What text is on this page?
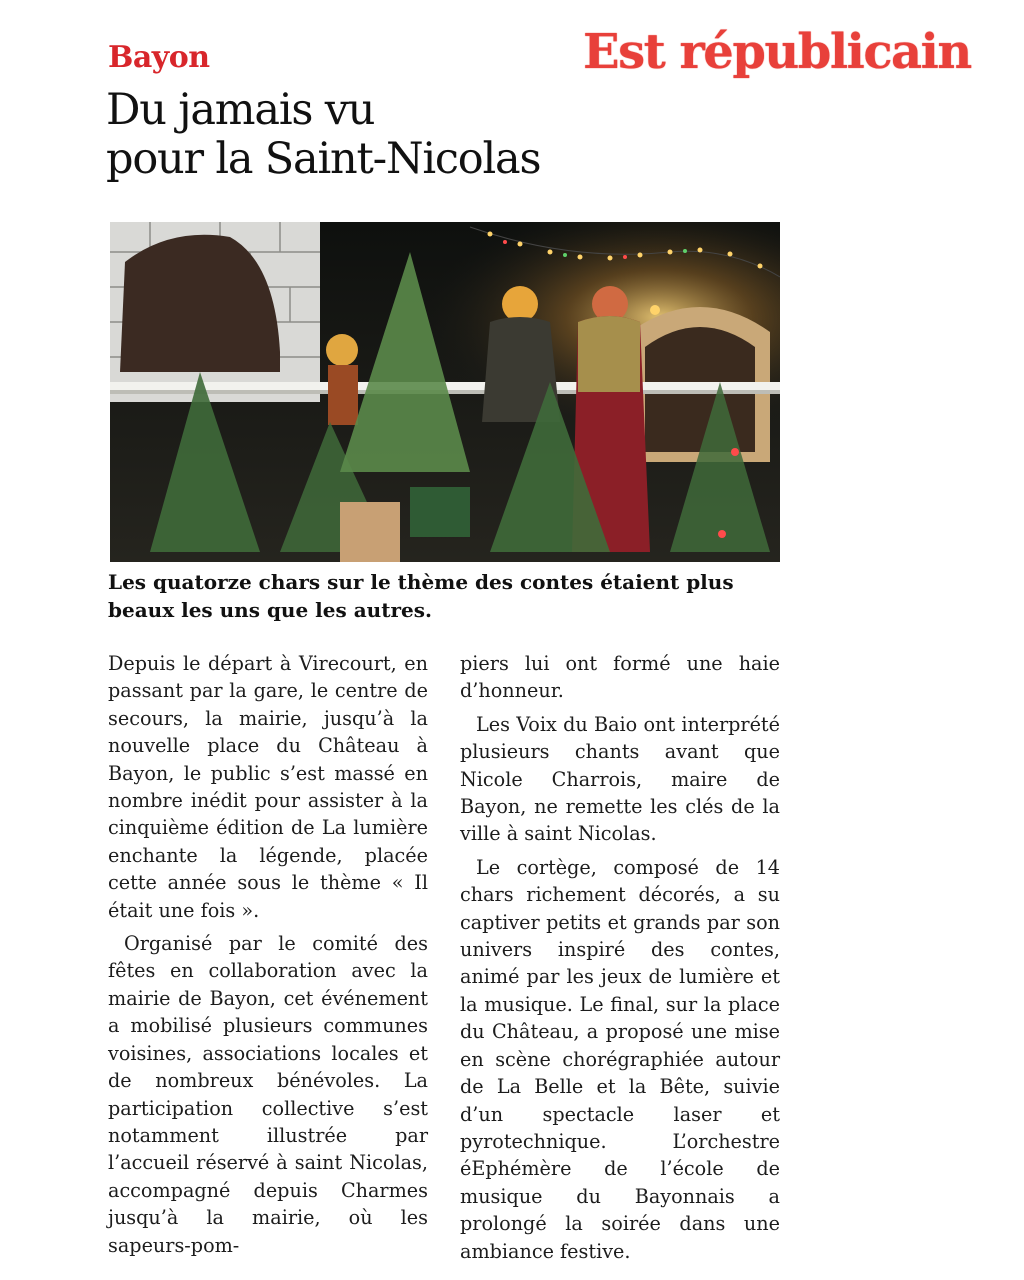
Bayon	Est républicain
Du jamais vu
pour la Saint-Nicolas

Les quatorze chars sur le thème des contes étaient plus beaux les uns que les autres.

Depuis le départ à Virecourt, en passant par la gare, le centre de secours, la mairie, jusqu’à la nouvelle place du Château à Bayon, le public s’est massé en nombre inédit pour assister à la cinquième édition de La lumière enchante la légende, placée cette année sous le thème « Il était une fois ».

Organisé par le comité des fêtes en collaboration avec la mairie de Bayon, cet événement a mobilisé plusieurs communes voisines, associations locales et de nombreux bénévoles. La participation collective s’est notamment illustrée par l’accueil réservé à saint Nicolas, accompagné depuis Charmes jusqu’à la mairie, où les sapeurs-pom-

piers lui ont formé une haie d’honneur.

Les Voix du Baio ont interprété plusieurs chants avant que Nicole Charrois, maire de Bayon, ne remette les clés de la ville à saint Nicolas.

Le cortège, composé de 14 chars richement décorés, a su captiver petits et grands par son univers inspiré des contes, animé par les jeux de lumière et la musique. Le final, sur la place du Château, a proposé une mise en scène chorégraphiée autour de La Belle et la Bête, suivie d’un spectacle laser et pyrotechnique. L’orchestre éEphémère de l’école de musique du Bayonnais a prolongé la soirée dans une ambiance festive.
